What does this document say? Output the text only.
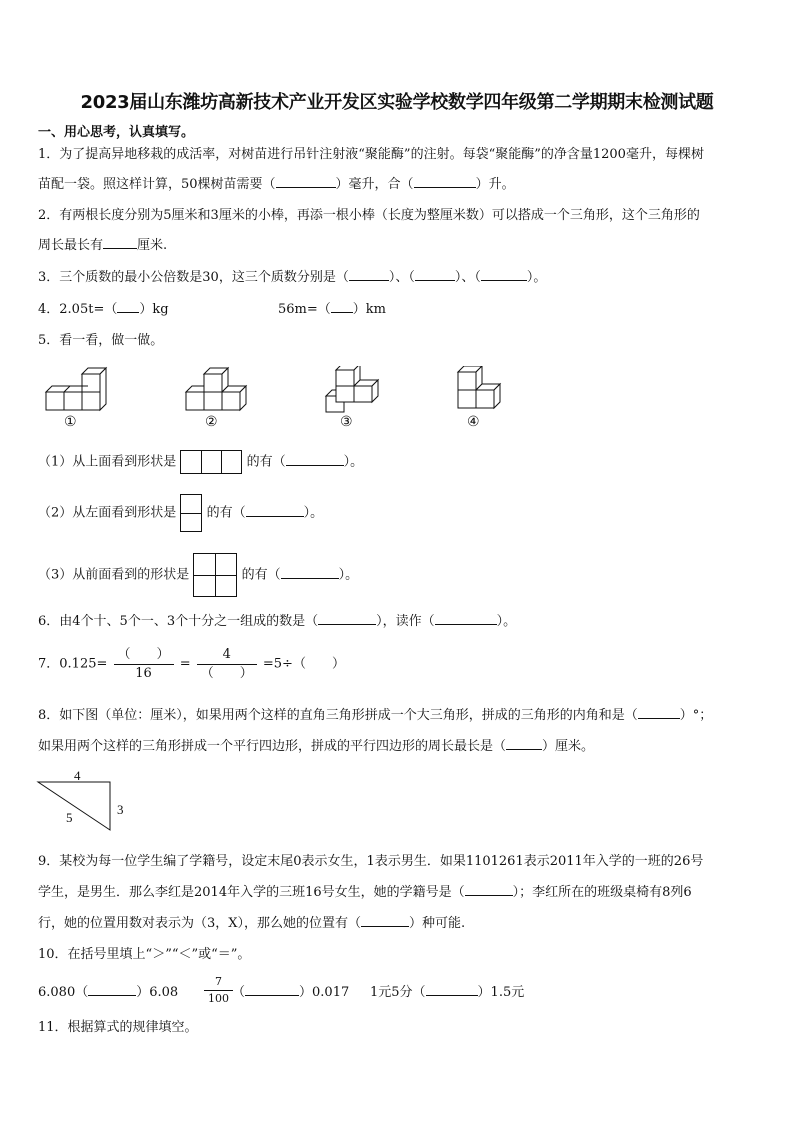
2023届山东潍坊高新技术产业开发区实验学校数学四年级第二学期期末检测试题
一、用心思考，认真填写。
1．为了提高异地移栽的成活率，对树苗进行吊针注射液“聚能酶”的注射。每袋“聚能酶”的净含量1200毫升，每棵树
苗配一袋。照这样计算，50棵树苗需要（	）毫升，合（	）升。
2．有两根长度分别为5厘米和3厘米的小棒，再添一根小棒（长度为整厘米数）可以搭成一个三角形，这个三角形的
周长最长有	厘米.
3．三个质数的最小公倍数是30，这三个质数分别是（	）、（	）、（	）。
4．2.05t=（ ）kg	56m=（ ）km
5．看一看，做一做。
①	②	③	④
（1）从上面看到形状是	的有（	）。
（2）从左面看到形状是 的有（	）。
（3）从前面看到的形状是	的有（	）。
6．由4个十、5个一、3个十分之一组成的数是（	），读作（	）。
7．$0.125= \frac{( )}{16} = \frac{4}{( )} =5\div$（　　）
8．如下图（单位：厘米），如果用两个这样的直角三角形拼成一个大三角形，拼成的三角形的内角和是（	）°；
如果用两个这样的三角形拼成一个平行四边形，拼成的平行四边形的周长最长是（	）厘米。
4
3
5
9．某校为每一位学生编了学籍号，设定末尾0表示女生，1表示男生．如果1101261表示2011年入学的一班的26号
学生，是男生．那么李红是2014年入学的三班16号女生，她的学籍号是（	）；李红所在的班级桌椅有8列6
行，她的位置用数对表示为（3，X），那么她的位置有（	）种可能.
10．在括号里填上“＞”“＜”或“＝”。
6.080（	）$6.08 \frac{7}{100}$ （	）0.017 1元5分（	）1.5元
11．根据算式的规律填空。
